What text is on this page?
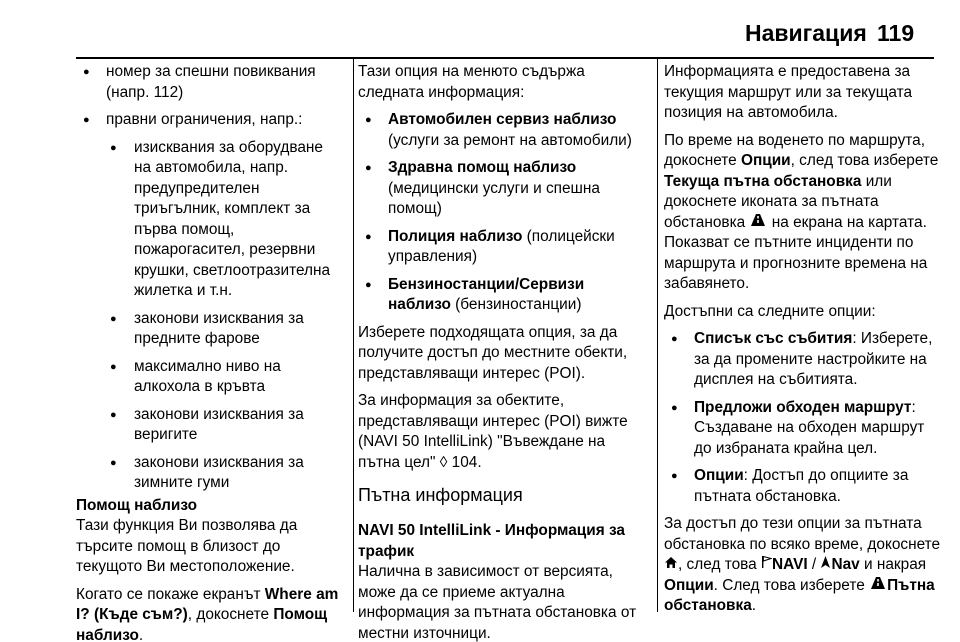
Навигация 119
● номер за спешни повиквания (напр. 112)
● правни ограничения, напр.:
● изисквания за оборудване на автомобила, напр. предупредителен триъгълник, комплект за първа помощ, пожарогасител, резервни крушки, светлоотразителна жилетка и т.н.
● законови изисквания за предните фарове
● максимално ниво на алкохола в кръвта
● законови изисквания за веригите
● законови изисквания за зимните гуми
Помощ наблизо
Тази функция Ви позволява да търсите помощ в близост до текущото Ви местоположение.
Когато се покаже екранът Where am I? (Къде съм?), докоснете Помощ наблизо.
Тази опция на менюто съдържа следната информация:
● Автомобилен сервиз наблизо (услуги за ремонт на автомобили)
● Здравна помощ наблизо (медицински услуги и спешна помощ)
● Полиция наблизо (полицейски управления)
● Бензиностанции/Сервизи наблизо (бензиностанции)
Изберете подходящата опция, за да получите достъп до местните обекти, представляващи интерес (POI).
За информация за обектите, представляващи интерес (POI) вижте (NAVI 50 IntelliLink) "Въвеждане на пътна цел" ◊ 104.
Пътна информация
NAVI 50 IntelliLink - Информация за трафик
Налична в зависимост от версията, може да се приеме актуална информация за пътната обстановка от местни източници.
Информацията е предоставена за текущия маршрут или за текущата позиция на автомобила.
По време на воденето по маршрута, докоснете Опции, след това изберете Текуща пътна обстановка или докоснете иконата за пътната обстановка  на екрана на картата. Показват се пътните инциденти по маршрута и прогнозните времена на забавянето.
Достъпни са следните опции:
● Списък със събития: Изберете, за да промените настройките на дисплея на събитията.
● Предложи обходен маршрут: Създаване на обходен маршрут до избраната крайна цел.
● Опции: Достъп до опциите за пътната обстановка.
За достъп до тези опции за пътната обстановка по всяко време, докоснете , след това NAVI / Nav и накрая Опции. След това изберете Пътна обстановка.
